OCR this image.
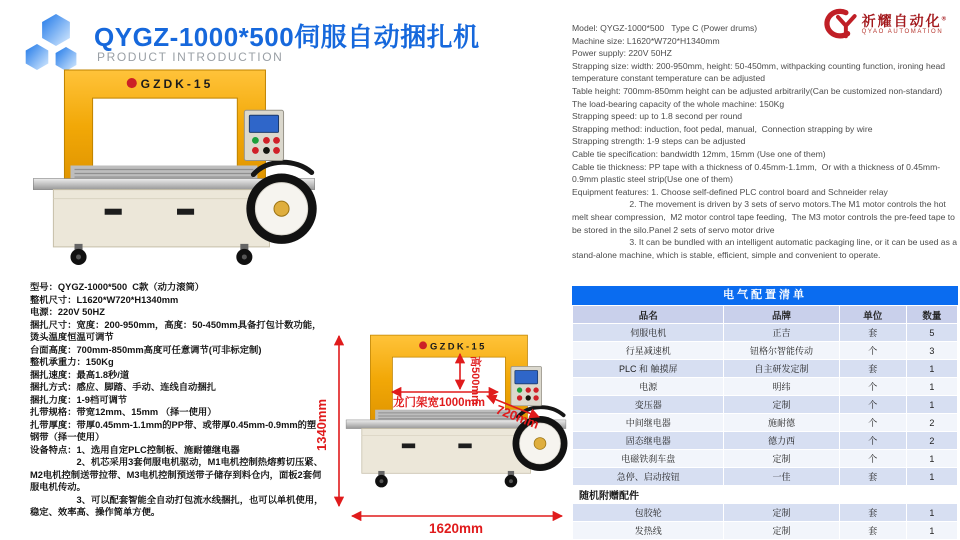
QYGZ-1000*500伺服自动捆扎机
PRODUCT INTRODUCTION
祈耀自动化®
QYAO AUTOMATION
Model: QYGZ-1000*500   Type C (Power drums)
Machine size: L1620*W720*H1340mm
Power supply: 220V 50HZ
Strapping size: width: 200-950mm, height: 50-450mm, withpacking counting function, ironing head temperature constant temperature can be adjusted
Table height: 700mm-850mm height can be adjusted arbitrarily(Can be customized non-standard)
The load-bearing capacity of the whole machine: 150Kg
Strapping speed: up to 1.8 second per round
Strapping method: induction, foot pedal, manual,  Connection strapping by wire
Strapping strength: 1-9 steps can be adjusted
Cable tie specification: bandwidth 12mm, 15mm (Use one of them)
Cable tie thickness: PP tape with a thickness of 0.45mm-1.1mm,  Or with a thickness of 0.45mm-0.9mm plastic steel strip(Use one of them)
Equipment features: 1. Choose self-defined PLC control board and Schneider relay
2. The movement is driven by 3 sets of servo motors.The M1 motor controls the hot melt shear compression,  M2 motor control tape feeding,  The M3 motor controls the pre-feed tape to be stored in the silo.Panel 2 sets of servo motor drive
3. It can be bundled with an intelligent automatic packaging line, or it can be used as a stand-alone machine, which is stable, efficient, simple and convenient to operate.
型号：QYGZ-1000*500  C款（动力滚筒）
整机尺寸：L1620*W720*H1340mm
电源：220V 50HZ
捆扎尺寸：宽度：200-950mm，高度：50-450mm具备打包计数功能，烫头温度恒温可调节
台面高度：700mm-850mm高度可任意调节(可非标定制)
整机承重力：150Kg
捆扎速度：最高1.8秒/道
捆扎方式：感应、脚踏、手动、连线自动捆扎
捆扎力度：1-9档可调节
扎带规格：带宽12mm、15mm （择一使用）
扎带厚度：带厚0.45mm-1.1mm的PP带、或带厚0.45mm-0.9mm的塑钢带（择一使用）
设备特点：1、选用自定PLC控制板、施耐德继电器
　　　　　2、机芯采用3套伺服电机驱动，M1电机控制热熔剪切压紧、M2电机控制送带拉带、M3电机控制预送带子储存到料仓内，面板2套伺服电机传动。
　　　　　3、可以配套智能全自动打包流水线捆扎，也可以单机使用，稳定、效率高、操作简单方便。
1340mm
1620mm
龙门架宽1000mm
高500mm
720mm
电气配置清单
品名	品牌	单位	数量
伺服电机	正吉	套	5
行星减速机	钮格尔智能传动	个	3
PLC 和 触摸屏	自主研发定制	套	1
电源	明纬	个	1
变压器	定制	个	1
中间继电器	施耐德	个	2
固态继电器	德力西	个	2
电磁铁刹车盘	定制	个	1
急停、启动按钮	一佳	套	1
随机附赠配件			
包胶轮	定制	套	1
发热线	定制	套	1
